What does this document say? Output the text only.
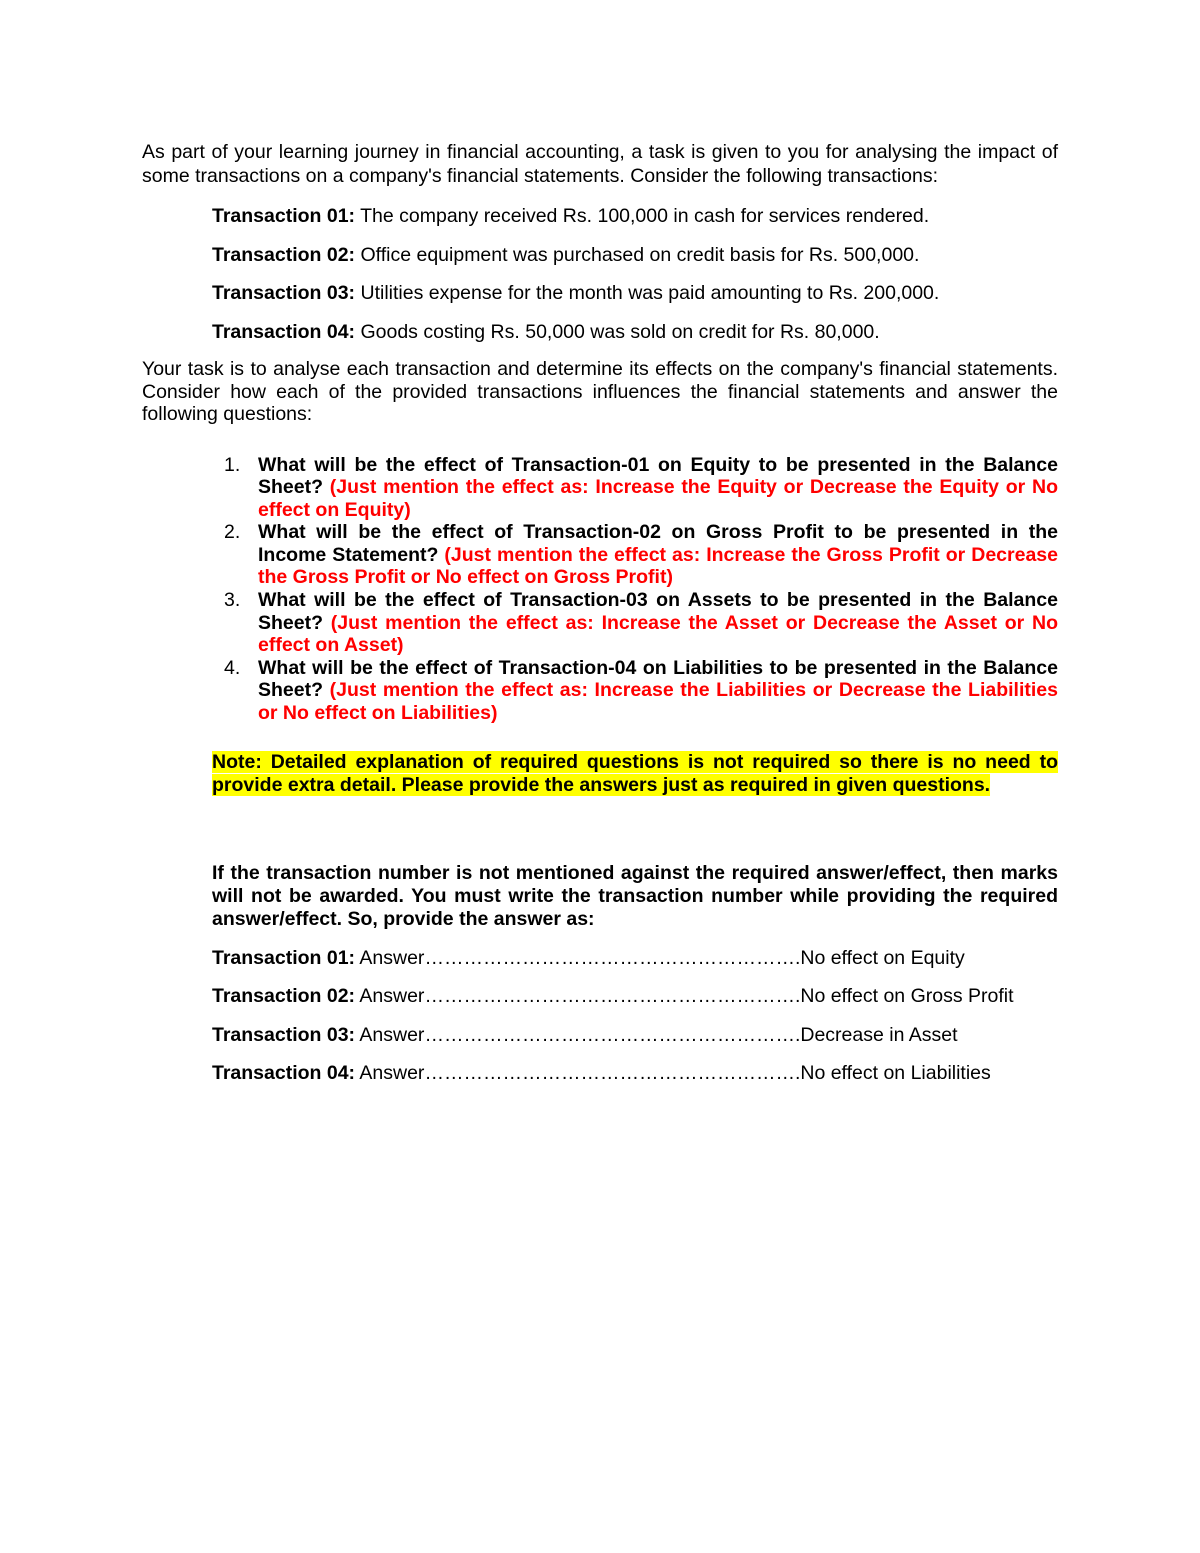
As part of your learning journey in financial accounting, a task is given to you for analysing the impact of some transactions on a company's financial statements. Consider the following transactions:

Transaction 01: The company received Rs. 100,000 in cash for services rendered.

Transaction 02: Office equipment was purchased on credit basis for Rs. 500,000.

Transaction 03: Utilities expense for the month was paid amounting to Rs. 200,000.

Transaction 04: Goods costing Rs. 50,000 was sold on credit for Rs. 80,000.

Your task is to analyse each transaction and determine its effects on the company's financial statements. Consider how each of the provided transactions influences the financial statements and answer the following questions:

1. What will be the effect of Transaction-01 on Equity to be presented in the Balance Sheet? (Just mention the effect as: Increase the Equity or Decrease the Equity or No effect on Equity)
2. What will be the effect of Transaction-02 on Gross Profit to be presented in the Income Statement? (Just mention the effect as: Increase the Gross Profit or Decrease the Gross Profit or No effect on Gross Profit)
3. What will be the effect of Transaction-03 on Assets to be presented in the Balance Sheet? (Just mention the effect as: Increase the Asset or Decrease the Asset or No effect on Asset)
4. What will be the effect of Transaction-04 on Liabilities to be presented in the Balance Sheet? (Just mention the effect as: Increase the Liabilities or Decrease the Liabilities or No effect on Liabilities)

Note: Detailed explanation of required questions is not required so there is no need to provide extra detail. Please provide the answers just as required in given questions.

If the transaction number is not mentioned against the required answer/effect, then marks will not be awarded. You must write the transaction number while providing the required answer/effect. So, provide the answer as:

Transaction 01: Answer………………………………………………….No effect on Equity

Transaction 02: Answer………………………………………………….No effect on Gross Profit

Transaction 03: Answer………………………………………………….Decrease in Asset

Transaction 04: Answer………………………………………………….No effect on Liabilities
